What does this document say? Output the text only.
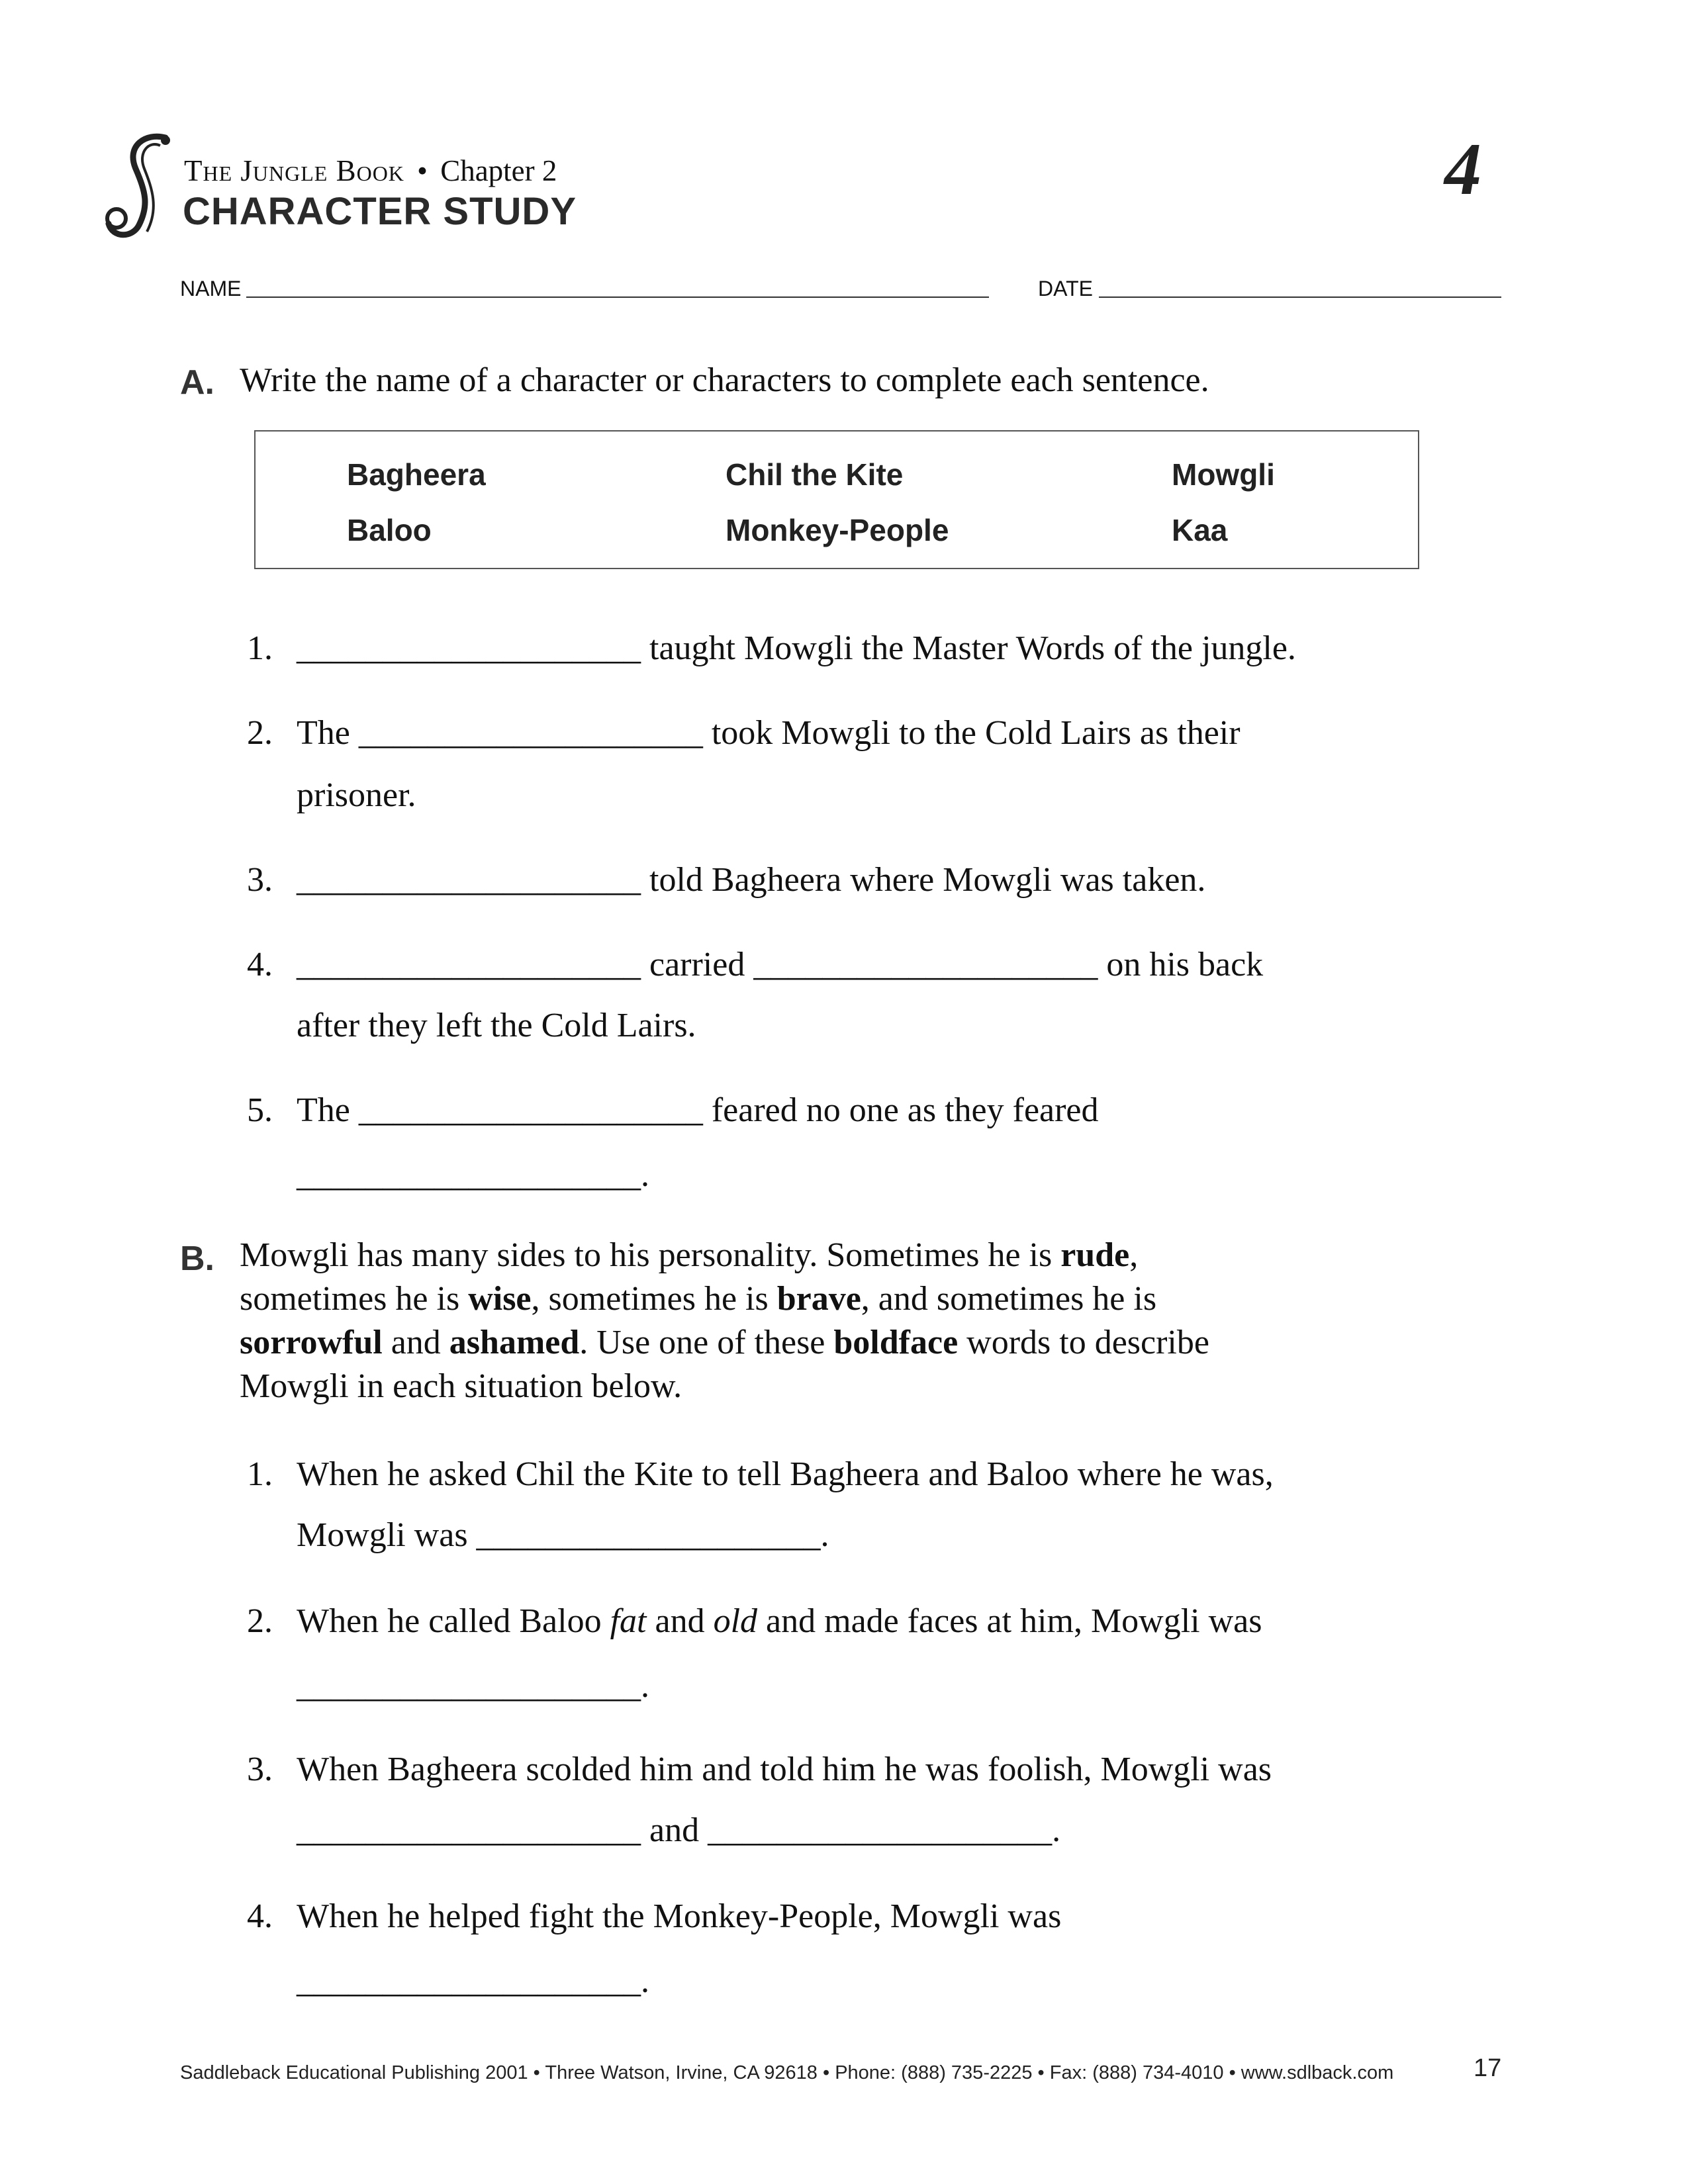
The Jungle Book • Chapter 2
CHARACTER STUDY
4
NAME	DATE
A. Write the name of a character or characters to complete each sentence.
Bagheera	Chil the Kite	Mowgli
Baloo	Monkey-People	Kaa
1. ____________________ taught Mowgli the Master Words of the jungle.
2. The ____________________ took Mowgli to the Cold Lairs as their
prisoner.
3. ____________________ told Bagheera where Mowgli was taken.
4. ____________________ carried ____________________ on his back
after they left the Cold Lairs.
5. The ____________________ feared no one as they feared
____________________.
B. Mowgli has many sides to his personality. Sometimes he is rude,
sometimes he is wise, sometimes he is brave, and sometimes he is
sorrowful and ashamed. Use one of these boldface words to describe
Mowgli in each situation below.
1. When he asked Chil the Kite to tell Bagheera and Baloo where he was,
Mowgli was ____________________.
2. When he called Baloo fat and old and made faces at him, Mowgli was
____________________.
3. When Bagheera scolded him and told him he was foolish, Mowgli was
____________________ and ____________________.
4. When he helped fight the Monkey-People, Mowgli was
____________________.
Saddleback Educational Publishing 2001 • Three Watson, Irvine, CA 92618 • Phone: (888) 735-2225 • Fax: (888) 734-4010 • www.sdlback.com	17
